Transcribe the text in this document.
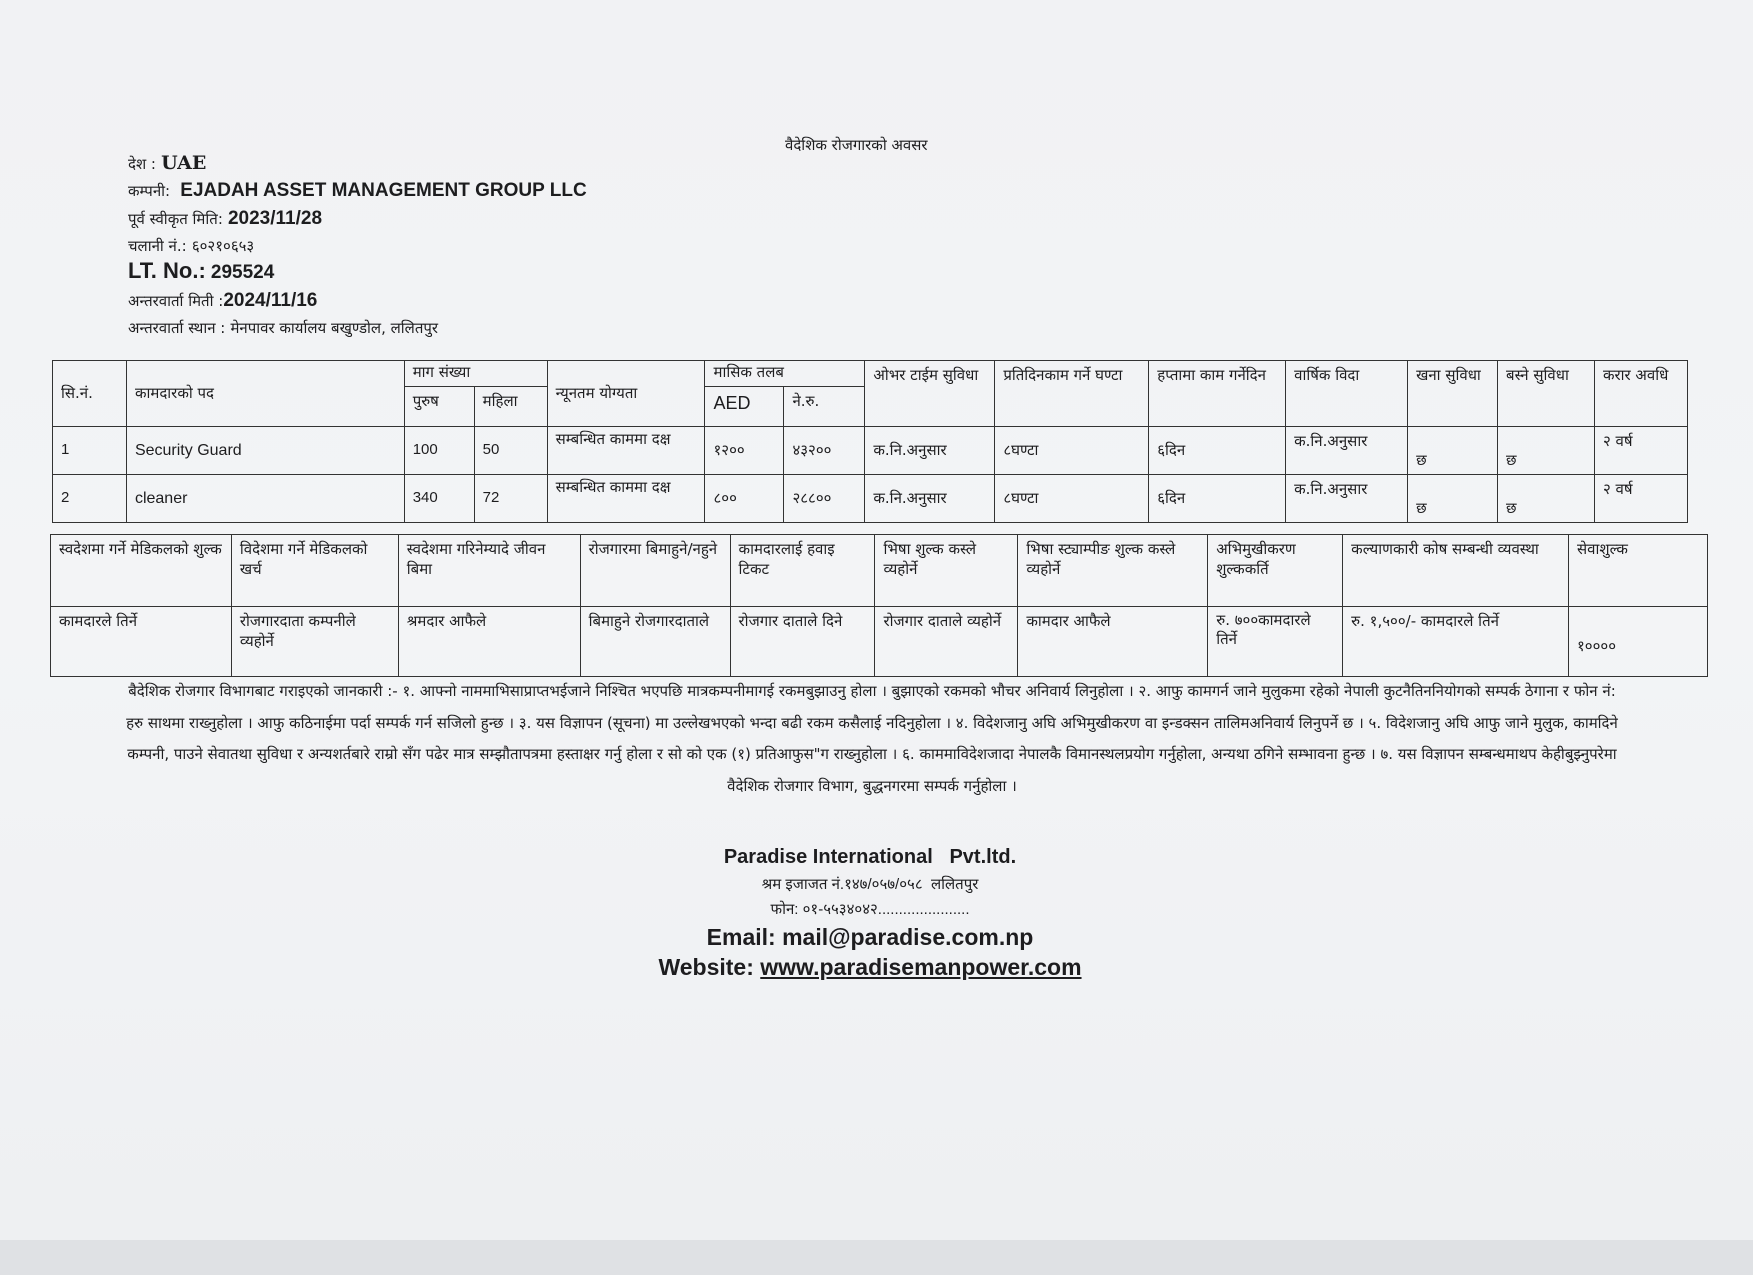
वैदेशिक रोजगारको अवसर
देश : UAE
कम्पनी: EJADAH ASSET MANAGEMENT GROUP LLC
पूर्व स्वीकृत मिति: 2023/11/28
चलानी नं.: ६०२१०६५३
LT. No.: 295524
अन्तरवार्ता मिती :2024/11/16
अन्तरवार्ता स्थान : मेनपावर कार्यालय बखुण्डोल, ललितपुर
सि.नं.	कामदारको पद	माग संख्या		न्यूनतम योग्यता	मासिक तलब		ओभर टाईम सुविधा	प्रतिदिनकाम गर्ने घण्टा	हप्तामा काम गर्नेदिन	वार्षिक विदा	खना सुविधा	बस्ने सुविधा	करार अवधि
		पुरुष	महिला		AED	ने.रु.							
1	Security Guard	100	50	सम्बन्धित काममा दक्ष	१२००	४३२००	क.नि.अनुसार	८घण्टा	६दिन	क.नि.अनुसार	छ	छ	२ वर्ष
2	cleaner	340	72	सम्बन्धित काममा दक्ष	८००	२८८००	क.नि.अनुसार	८घण्टा	६दिन	क.नि.अनुसार	छ	छ	२ वर्ष
स्वदेशमा गर्ने मेडिकलको शुल्क	विदेशमा गर्ने मेडिकलको खर्च	स्वदेशमा गरिनेम्यादे जीवन बिमा	रोजगारमा बिमाहुने/नहुने	कामदारलाई हवाइ टिकट	भिषा शुल्क कस्ले व्यहोर्ने	भिषा स्ट्याम्पीङ शुल्क कस्ले व्यहोर्ने	अभिमुखीकरण शुल्ककर्ति	कल्याणकारी कोष सम्बन्धी व्यवस्था	सेवाशुल्क
कामदारले तिर्ने	रोजगारदाता कम्पनीले व्यहोर्ने	श्रमदार आफैले	बिमाहुने रोजगारदाताले	रोजगार दाताले दिने	रोजगार दाताले व्यहोर्ने	कामदार आफैले	रु. ७००कामदारले तिर्ने	रु. १,५००/- कामदारले तिर्ने	१००००
बैदेशिक रोजगार विभागबाट गराइएको जानकारी :- १. आफ्नो नाममाभिसाप्राप्तभईजाने निश्चित भएपछि मात्रकम्पनीमागई रकमबुझाउनु होला । बुझाएको रकमको भौचर अनिवार्य लिनुहोला । २. आफु कामगर्न जाने मुलुकमा रहेको नेपाली कुटनैतिननियोगको सम्पर्क ठेगाना र फोन नं: हरु साथमा राख्नुहोला । आफु कठिनाईमा पर्दा सम्पर्क गर्न सजिलो हुन्छ । ३. यस विज्ञापन (सूचना) मा उल्लेखभएको भन्दा बढी रकम कसैलाई नदिनुहोला । ४. विदेशजानु अघि अभिमुखीकरण वा इन्डक्सन तालिमअनिवार्य लिनुपर्ने छ । ५. विदेशजानु अघि आफु जाने मुलुक, कामदिने कम्पनी, पाउने सेवातथा सुविधा र अन्यशर्तबारे राम्रो सँग पढेर मात्र सम्झौतापत्रमा हस्ताक्षर गर्नु होला र सो को एक (१) प्रतिआफुस"ग राख्नुहोला । ६. काममाविदेशजादा नेपालकै विमानस्थलप्रयोग गर्नुहोला, अन्यथा ठगिने सम्भावना हुन्छ । ७. यस विज्ञापन सम्बन्धमाथप केहीबुझ्नुपरेमा वैदेशिक रोजगार विभाग, बुद्धनगरमा सम्पर्क गर्नुहोला ।
Paradise International   Pvt.ltd.
श्रम इजाजत नं.१४७/०५७/०५८  ललितपुर
फोन: ०१-५५३४०४२......................
Email: mail@paradise.com.np
Website: www.paradisemanpower.com
